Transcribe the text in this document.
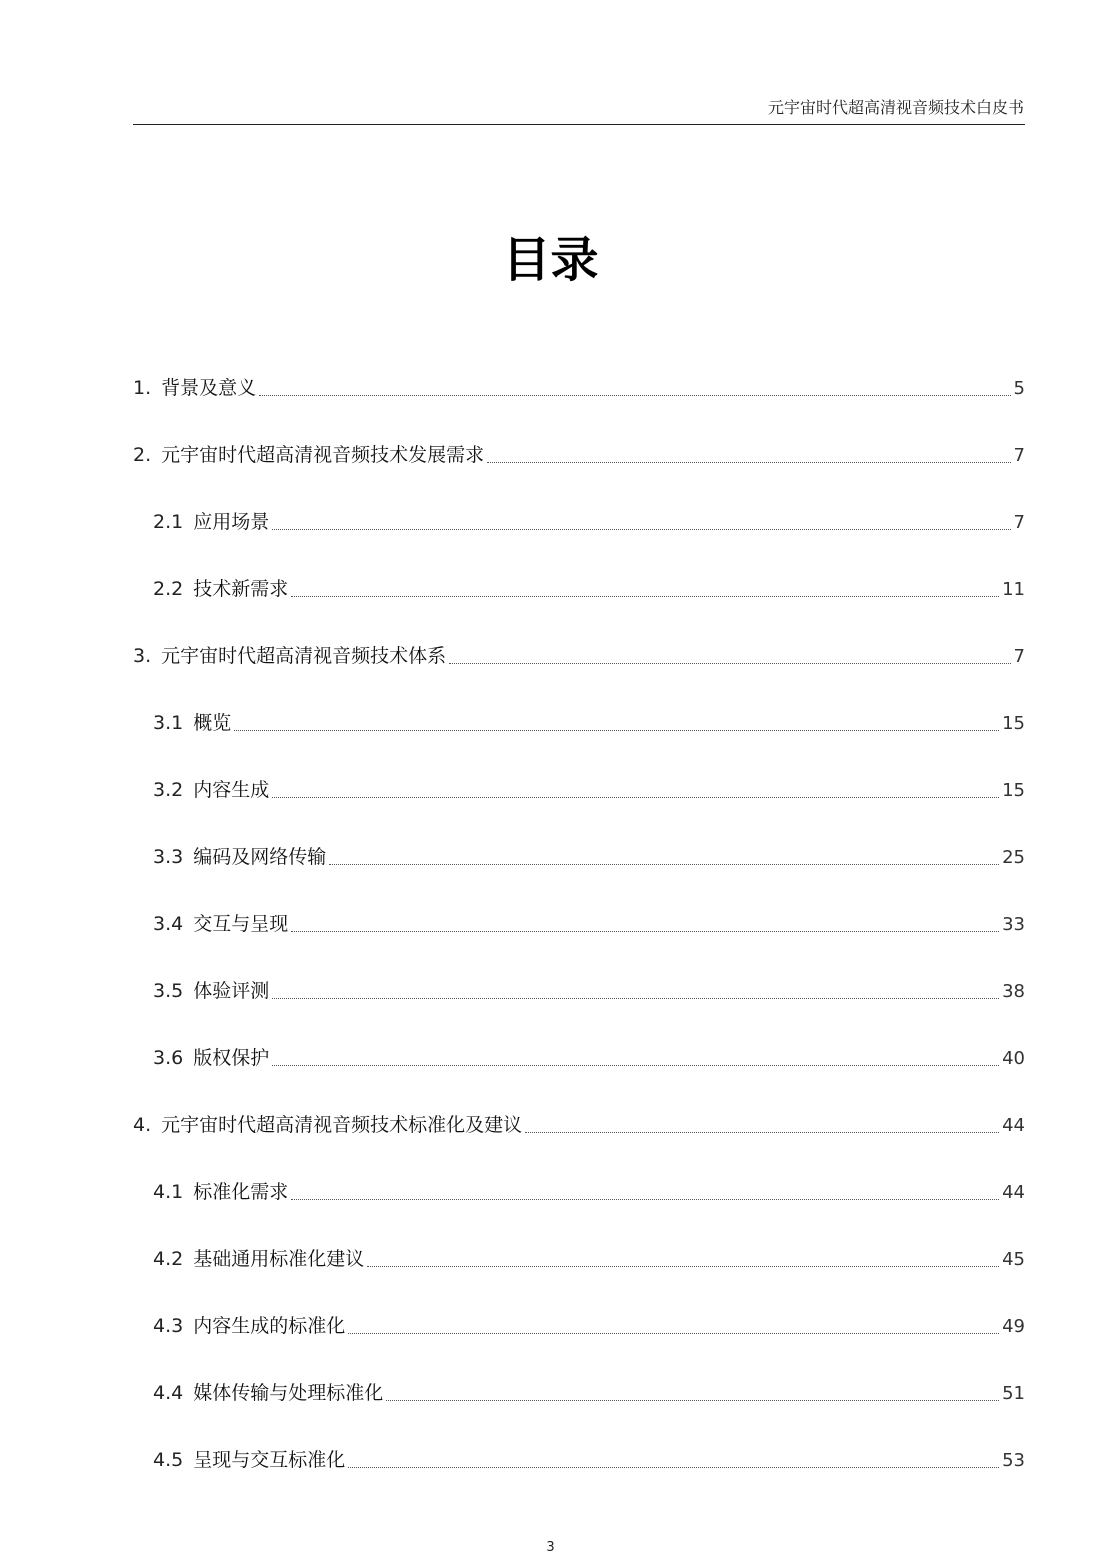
元宇宙时代超高清视音频技术白皮书
目录
1. 背景及意义	5
2. 元宇宙时代超高清视音频技术发展需求	7
2.1 应用场景	7
2.2 技术新需求	11
3. 元宇宙时代超高清视音频技术体系	7
3.1 概览	15
3.2 内容生成	15
3.3 编码及网络传输	25
3.4 交互与呈现	33
3.5 体验评测	38
3.6 版权保护	40
4. 元宇宙时代超高清视音频技术标准化及建议	44
4.1 标准化需求	44
4.2 基础通用标准化建议	45
4.3 内容生成的标准化	49
4.4 媒体传输与处理标准化	51
4.5 呈现与交互标准化	53
3
